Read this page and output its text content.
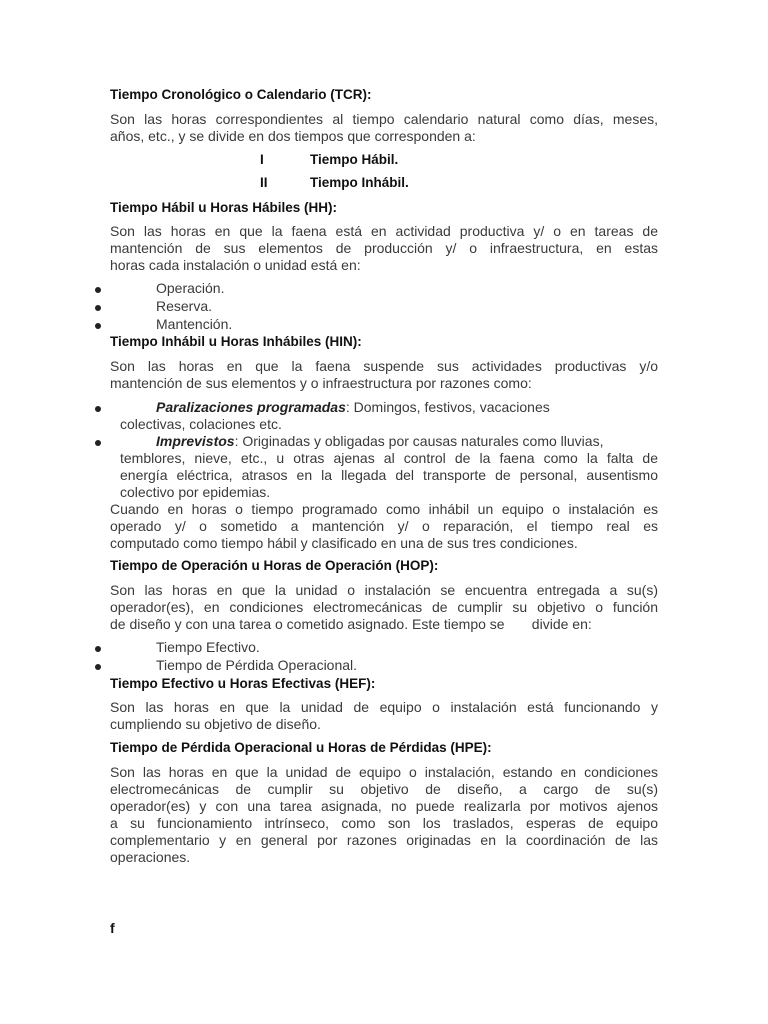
Tiempo Cronológico o Calendario (TCR):
Son las horas correspondientes al tiempo calendario natural como días, meses,
años, etc., y se divide en dos tiempos que corresponden a:
I	Tiempo Hábil.
II	Tiempo Inhábil.
Tiempo Hábil u Horas Hábiles (HH):
Son las horas en que la faena está en actividad productiva y/ o en tareas de
mantención de sus elementos de producción y/ o infraestructura, en estas
horas cada instalación o unidad está en:
Operación.
Reserva.
Mantención.
Tiempo Inhábil u Horas Inhábiles (HIN):
Son las horas en que la faena suspende sus actividades productivas y/o
mantención de sus elementos y o infraestructura por razones como:
Paralizaciones programadas: Domingos, festivos, vacaciones
colectivas, colaciones etc.
Imprevistos: Originadas y obligadas por causas naturales como lluvias,
temblores, nieve, etc., u otras ajenas al control de la faena como la falta de
energía eléctrica, atrasos en la llegada del transporte de personal, ausentismo
colectivo por epidemias.
Cuando en horas o tiempo programado como inhábil un equipo o instalación es
operado y/ o sometido a mantención y/ o reparación, el tiempo real es
computado como tiempo hábil y clasificado en una de sus tres condiciones.
Tiempo de Operación u Horas de Operación (HOP):
Son las horas en que la unidad o instalación se encuentra entregada a su(s)
operador(es), en condiciones electromecánicas de cumplir su objetivo o función
de diseño y con una tarea o cometido asignado. Este tiempo se       divide en:
Tiempo Efectivo.
Tiempo de Pérdida Operacional.
Tiempo Efectivo u Horas Efectivas (HEF):
Son las horas en que la unidad de equipo o instalación está funcionando y
cumpliendo su objetivo de diseño.
Tiempo de Pérdida Operacional u Horas de Pérdidas (HPE):
Son las horas en que la unidad de equipo o instalación, estando en condiciones
electromecánicas de cumplir su objetivo de diseño, a cargo de su(s)
operador(es) y con una tarea asignada, no puede realizarla por motivos ajenos
a su funcionamiento intrínseco, como son los traslados, esperas de equipo
complementario y en general por razones originadas en la coordinación de las
operaciones.
f
